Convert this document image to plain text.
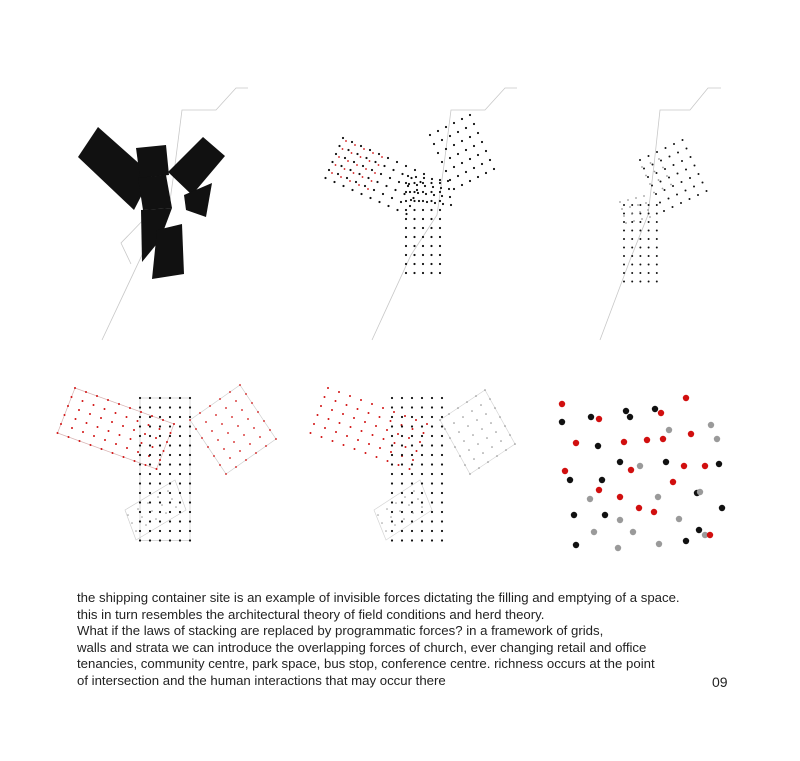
the shipping container site is an example of invisible forces dictating the filling and emptying of a space.
this in turn resembles the architectural theory of field conditions and herd theory.
What if the laws of stacking are replaced by programmatic forces? in a framework of grids,
walls and strata we can introduce the overlapping forces of church, ever changing retail and office
tenancies, community centre, park space, bus stop, conference centre. richness occurs at the point
of intersection and the human interactions that may occur there	09
